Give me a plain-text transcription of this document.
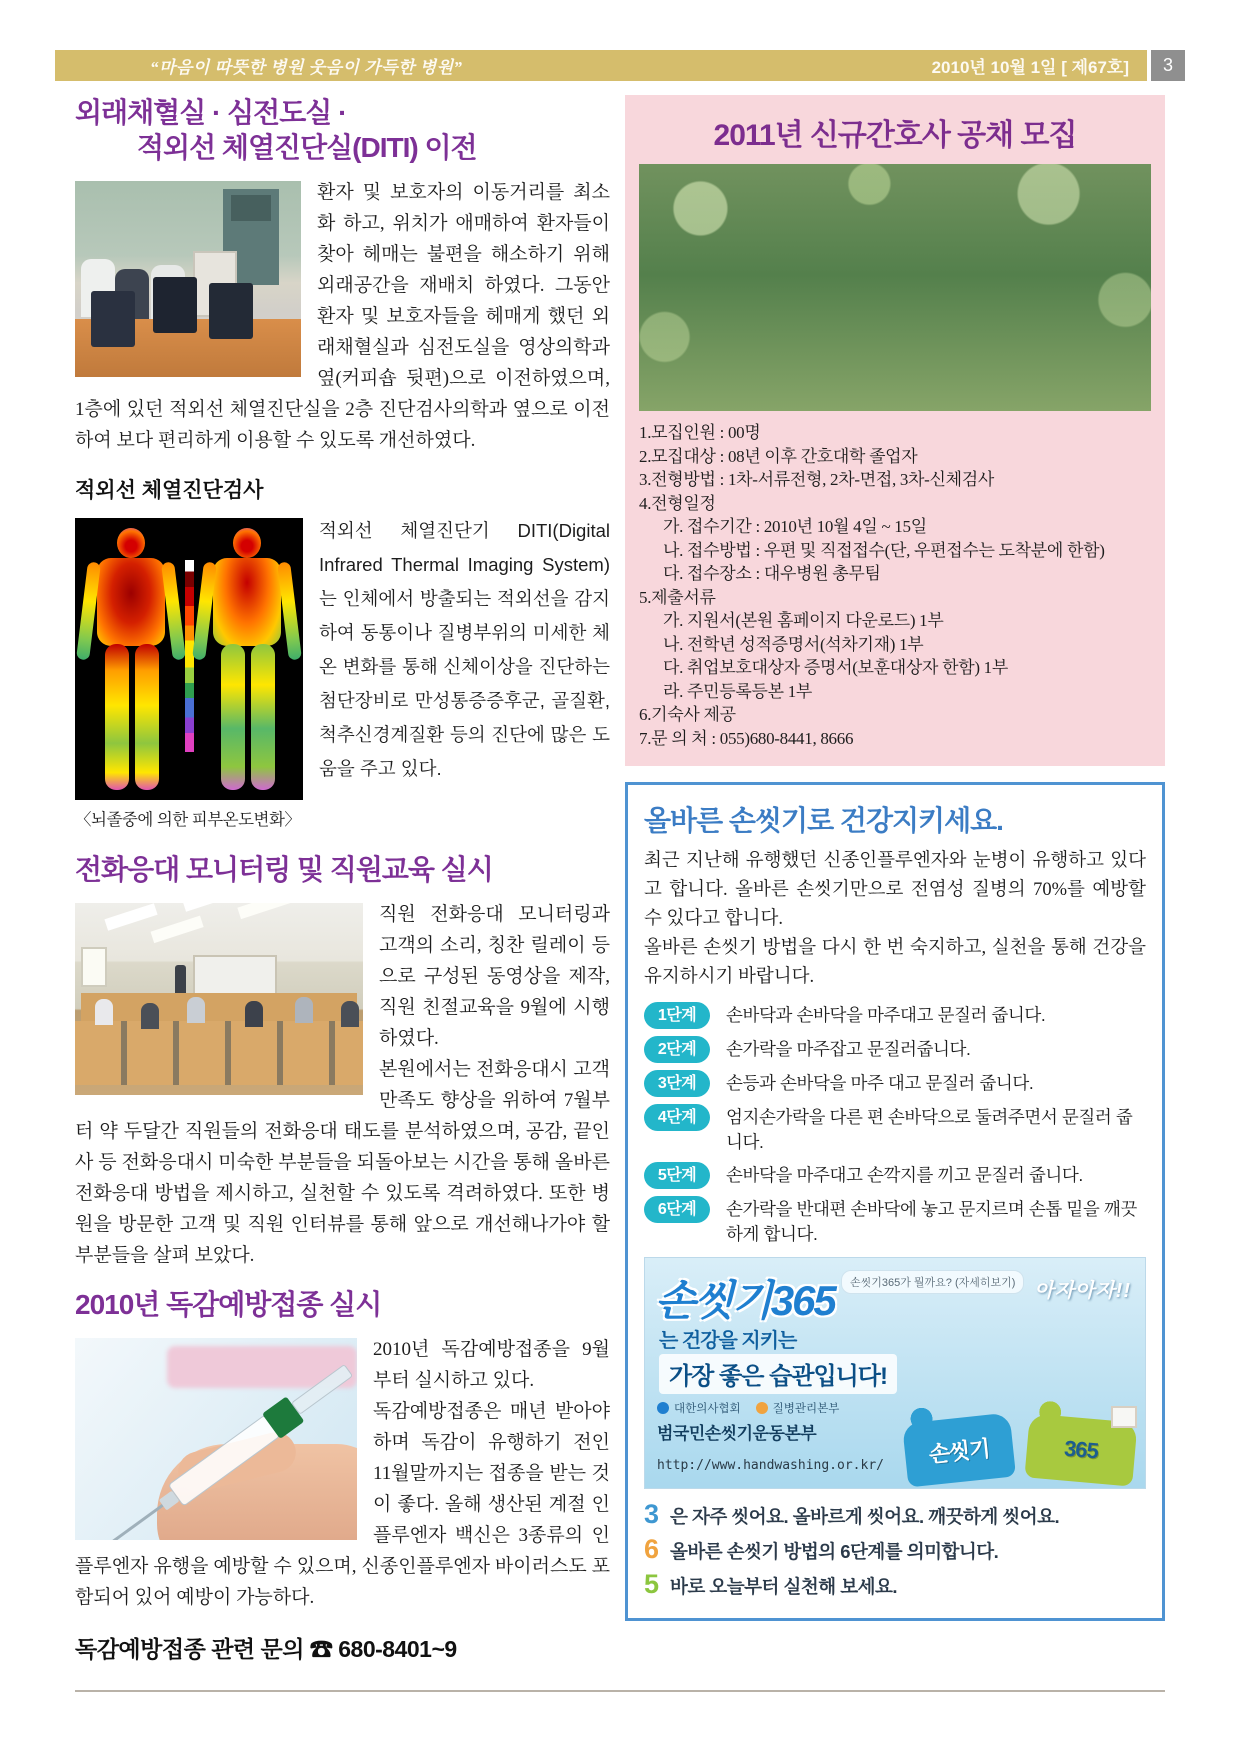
“마음이 따뜻한 병원 웃음이 가득한 병원”	2010년 10월 1일 [ 제67호]	3
외래채혈실 · 심전도실 ·
적외선 체열진단실(DITI) 이전

환자 및 보호자의 이동거리를 최소화 하고, 위치가 애매하여 환자들이 찾아 헤매는 불편을 해소하기 위해 외래공간을 재배치 하였다. 그동안 환자 및 보호자들을 헤매게 했던 외래채혈실과 심전도실을 영상의학과 옆(커피숍 뒷편)으로 이전하였으며, 1층에 있던 적외선 체열진단실을 2층 진단검사의학과 옆으로 이전하여 보다 편리하게 이용할 수 있도록 개선하였다.

적외선 체열진단검사
〈뇌졸중에 의한 피부온도변화〉

적외선 체열진단기 DITI(Digital Infrared Thermal Imaging System)는 인체에서 방출되는 적외선을 감지하여 동통이나 질병부위의 미세한 체온 변화를 통해 신체이상을 진단하는 첨단장비로 만성통증증후군, 골질환, 척추신경계질환 등의 진단에 많은 도움을 주고 있다.

전화응대 모니터링 및 직원교육 실시

직원 전화응대 모니터링과 고객의 소리, 칭찬 릴레이 등으로 구성된 동영상을 제작, 직원 친절교육을 9월에 시행하였다.

본원에서는 전화응대시 고객만족도 향상을 위하여 7월부터 약 두달간 직원들의 전화응대 태도를 분석하였으며, 공감, 끝인사 등 전화응대시 미숙한 부분들을 되돌아보는 시간을 통해 올바른 전화응대 방법을 제시하고, 실천할 수 있도록 격려하였다. 또한 병원을 방문한 고객 및 직원 인터뷰를 통해 앞으로 개선해나가야 할 부분들을 살펴 보았다.

2010년 독감예방접종 실시

2010년 독감예방접종을 9월부터 실시하고 있다.

독감예방접종은 매년 받아야 하며 독감이 유행하기 전인 11월말까지는 접종을 받는 것이 좋다. 올해 생산된 계절 인플루엔자 백신은 3종류의 인플루엔자 유행을 예방할 수 있으며, 신종인플루엔자 바이러스도 포함되어 있어 예방이 가능하다.

독감예방접종 관련 문의 ☎ 680-8401~9
2011년 신규간호사 공채 모집
1.모집인원 : 00명
2.모집대상 : 08년 이후 간호대학 졸업자
3.전형방법 : 1차-서류전형, 2차-면접, 3차-신체검사
4.전형일정
가. 접수기간 : 2010년 10월 4일 ~ 15일
나. 접수방법 : 우편 및 직접접수(단, 우편접수는 도착분에 한함)
다. 접수장소 : 대우병원 총무팀
5.제출서류
가. 지원서(본원 홈페이지 다운로드) 1부
나. 전학년 성적증명서(석차기재) 1부
다. 취업보호대상자 증명서(보훈대상자 한함) 1부
라. 주민등록등본 1부
6.기숙사 제공
7.문 의 처 : 055)680-8441, 8666
올바른 손씻기로 건강지키세요.

최근 지난해 유행했던 신종인플루엔자와 눈병이 유행하고 있다고 합니다. 올바른 손씻기만으로 전염성 질병의 70%를 예방할 수 있다고 합니다.

올바른 손씻기 방법을 다시 한 번 숙지하고, 실천을 통해 건강을 유지하시기 바랍니다.

1단계	손바닥과 손바닥을 마주대고 문질러 줍니다.
2단계	손가락을 마주잡고 문질러줍니다.
3단계	손등과 손바닥을 마주 대고 문질러 줍니다.
4단계	엄지손가락을 다른 편 손바닥으로 둘려주면서 문질러 줍니다.
5단계	손바닥을 마주대고 손깍지를 끼고 문질러 줍니다.
6단계	손가락을 반대편 손바닥에 놓고 문지르며 손톱 밑을 깨끗하게 합니다.
손씻기365	손씻기365가 뭘까요? (자세히보기)
는 건강을 지키는
가장 좋은 습관입니다!
아자아자!!
대한의사협회	질병관리본부
범국민손씻기운동본부
http://www.handwashing.or.kr/	손씻기	365
3 은 자주 씻어요. 올바르게 씻어요. 깨끗하게 씻어요.
6 올바른 손씻기 방법의 6단계를 의미합니다.
5 바로 오늘부터 실천해 보세요.
